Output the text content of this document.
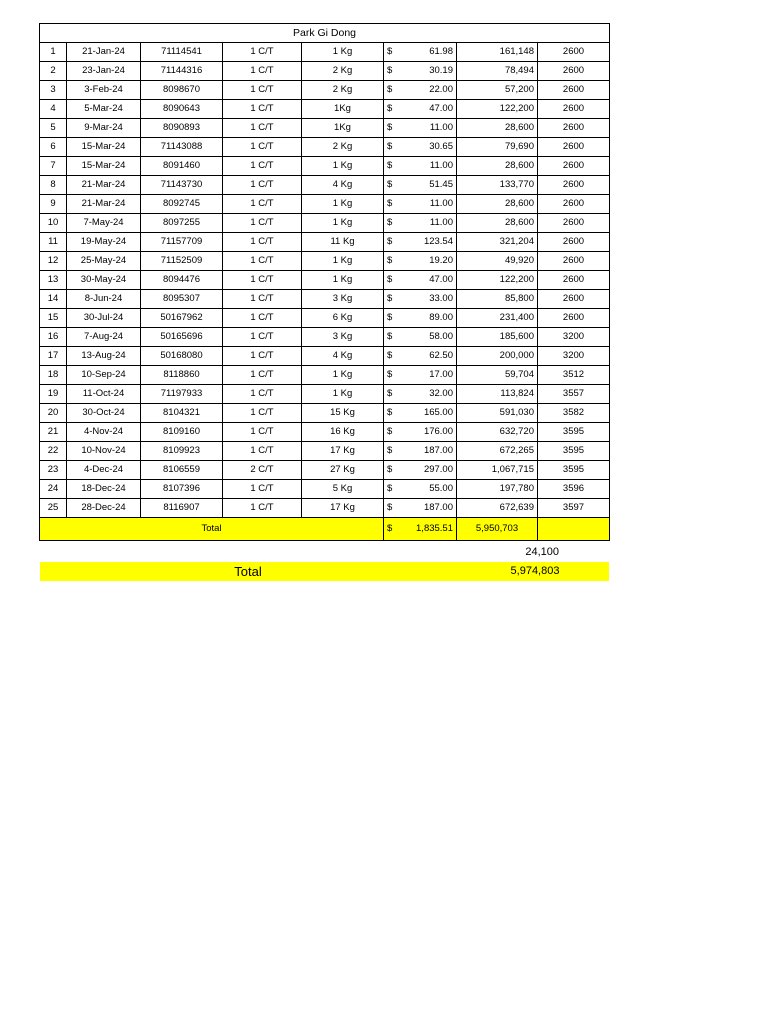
Park Gi Dong								
1	21-Jan-24	71114541	1 C/T	1 Kg	$	61.98	161,148	2600
2	23-Jan-24	71144316	1 C/T	2 Kg	$	30.19	78,494	2600
3	3-Feb-24	8098670	1 C/T	2 Kg	$	22.00	57,200	2600
4	5-Mar-24	8090643	1 C/T	1Kg	$	47.00	122,200	2600
5	9-Mar-24	8090893	1 C/T	1Kg	$	11.00	28,600	2600
6	15-Mar-24	71143088	1 C/T	2 Kg	$	30.65	79,690	2600
7	15-Mar-24	8091460	1 C/T	1 Kg	$	11.00	28,600	2600
8	21-Mar-24	71143730	1 C/T	4 Kg	$	51.45	133,770	2600
9	21-Mar-24	8092745	1 C/T	1 Kg	$	11.00	28,600	2600
10	7-May-24	8097255	1 C/T	1 Kg	$	11.00	28,600	2600
11	19-May-24	71157709	1 C/T	11 Kg	$	123.54	321,204	2600
12	25-May-24	71152509	1 C/T	1 Kg	$	19.20	49,920	2600
13	30-May-24	8094476	1 C/T	1 Kg	$	47.00	122,200	2600
14	8-Jun-24	8095307	1 C/T	3 Kg	$	33.00	85,800	2600
15	30-Jul-24	50167962	1 C/T	6 Kg	$	89.00	231,400	2600
16	7-Aug-24	50165696	1 C/T	3 Kg	$	58.00	185,600	3200
17	13-Aug-24	50168080	1 C/T	4 Kg	$	62.50	200,000	3200
18	10-Sep-24	8118860	1 C/T	1 Kg	$	17.00	59,704	3512
19	11-Oct-24	71197933	1 C/T	1 Kg	$	32.00	113,824	3557
20	30-Oct-24	8104321	1 C/T	15 Kg	$	165.00	591,030	3582
21	4-Nov-24	8109160	1 C/T	16 Kg	$	176.00	632,720	3595
22	10-Nov-24	8109923	1 C/T	17 Kg	$	187.00	672,265	3595
23	4-Dec-24	8106559	2 C/T	27 Kg	$	297.00	1,067,715	3595
24	18-Dec-24	8107396	1 C/T	5 Kg	$	55.00	197,780	3596
25	28-Dec-24	8116907	1 C/T	17 Kg	$	187.00	672,639	3597
Total					$	1,835.51	5,950,703	
24,100
Total	5,974,803
